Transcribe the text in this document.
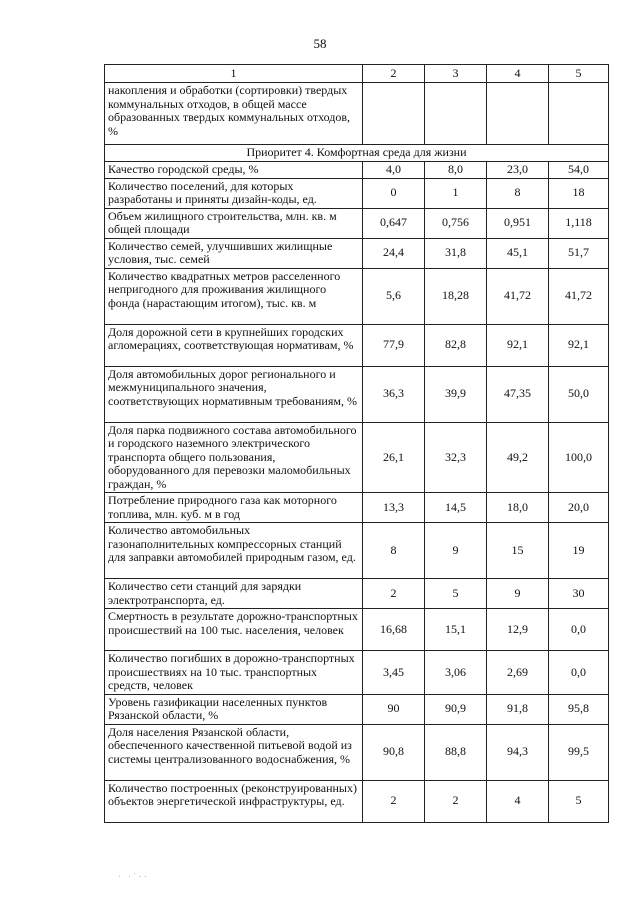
58
1	2	3	4	5
накопления и обработки (сортировки) твердых коммунальных отходов, в общей массе образованных твердых коммунальных отходов, %				
Приоритет 4. Комфортная среда для жизни				
Качество городской среды, %	4,0	8,0	23,0	54,0
Количество поселений, для которых разработаны и приняты дизайн-коды, ед.	0	1	8	18
Объем жилищного строительства, млн. кв. м общей площади	0,647	0,756	0,951	1,118
Количество семей, улучшивших жилищные условия, тыс. семей	24,4	31,8	45,1	51,7
Количество квадратных метров расселенного непригодного для проживания жилищного фонда (нарастающим итогом), тыс. кв. м	5,6	18,28	41,72	41,72
Доля дорожной сети в крупнейших городских агломерациях, соответствующая нормативам, %	77,9	82,8	92,1	92,1
Доля автомобильных дорог регионального и межмуниципального значения, соответствующих нормативным требованиям, %	36,3	39,9	47,35	50,0
Доля парка подвижного состава автомобильного и городского наземного электрического транспорта общего пользования, оборудованного для перевозки маломобильных граждан, %	26,1	32,3	49,2	100,0
Потребление природного газа как моторного топлива, млн. куб. м в год	13,3	14,5	18,0	20,0
Количество автомобильных газонаполнительных компрессорных станций для заправки автомобилей природным газом, ед.	8	9	15	19
Количество сети станций для зарядки электротранспорта, ед.	2	5	9	30
Смертность в результате дорожно-транспортных происшествий на 100 тыс. населения, человек	16,68	15,1	12,9	0,0
Количество погибших в дорожно-транспортных происшествиях на 10 тыс. транспортных средств, человек	3,45	3,06	2,69	0,0
Уровень газификации населенных пунктов Рязанской области, %	90	90,9	91,8	95,8
Доля населения Рязанской области, обеспеченного качественной питьевой водой из системы централизованного водоснабжения, %	90,8	88,8	94,3	99,5
Количество построенных (реконструированных) объектов энергетической инфраструктуры, ед.	2	2	4	5
· ·˙··
